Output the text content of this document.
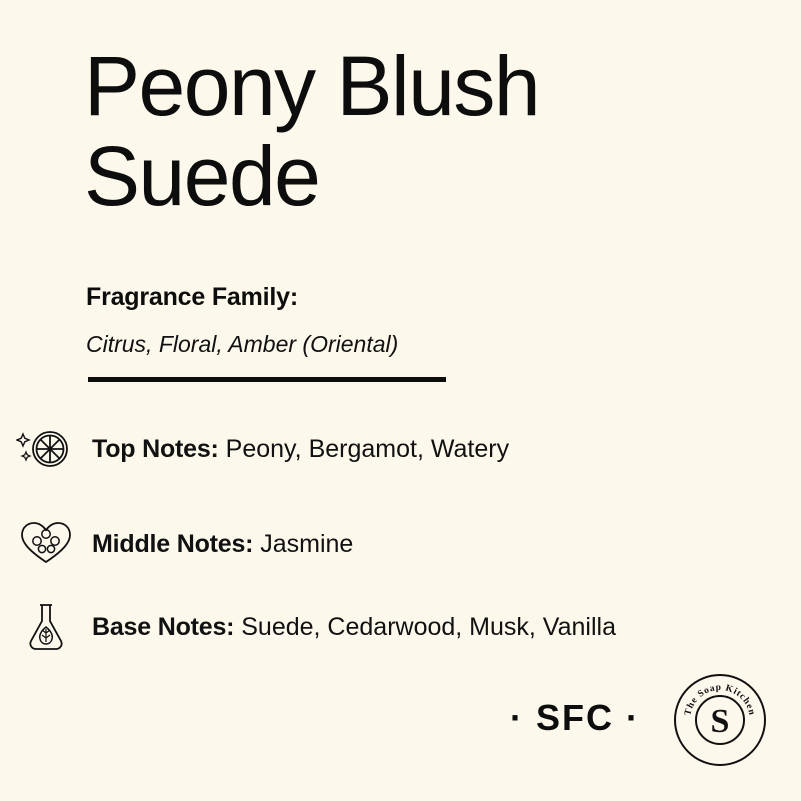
Peony Blush Suede
Fragrance Family:
Citrus, Floral, Amber (Oriental)
Top Notes: Peony, Bergamot, Watery
Middle Notes: Jasmine
Base Notes: Suede, Cedarwood, Musk, Vanilla
· SFC ·	The Soap Kitchen
S
